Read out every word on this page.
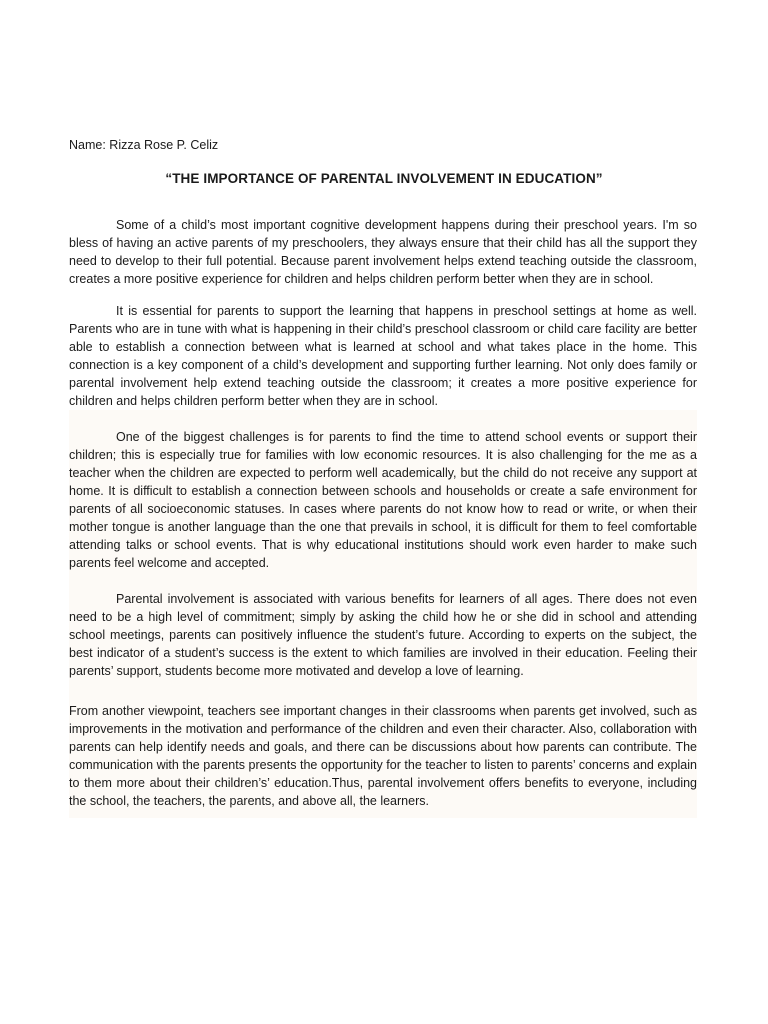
Name: Rizza Rose P. Celiz

“THE IMPORTANCE OF PARENTAL INVOLVEMENT IN EDUCATION”

Some of a child’s most important cognitive development happens during their preschool years. I'm so bless of having an active parents of my preschoolers, they always ensure that their child has all the support they need to develop to their full potential. Because parent involvement helps extend teaching outside the classroom, creates a more positive experience for children and helps children perform better when they are in school.

It is essential for parents to support the learning that happens in preschool settings at home as well. Parents who are in tune with what is happening in their child’s preschool classroom or child care facility are better able to establish a connection between what is learned at school and what takes place in the home. This connection is a key component of a child’s development and supporting further learning. Not only does family or parental involvement help extend teaching outside the classroom; it creates a more positive experience for children and helps children perform better when they are in school.

One of the biggest challenges is for parents to find the time to attend school events or support their children; this is especially true for families with low economic resources. It is also challenging for the me as a teacher when the children are expected to perform well academically, but the child do not receive any support at home. It is difficult to establish a connection between schools and households or create a safe environment for parents of all socioeconomic statuses. In cases where parents do not know how to read or write, or when their mother tongue is another language than the one that prevails in school, it is difficult for them to feel comfortable attending talks or school events. That is why educational institutions should work even harder to make such parents feel welcome and accepted.

Parental involvement is associated with various benefits for learners of all ages. There does not even need to be a high level of commitment; simply by asking the child how he or she did in school and attending school meetings, parents can positively influence the student’s future. According to experts on the subject, the best indicator of a student’s success is the extent to which families are involved in their education. Feeling their parents’ support, students become more motivated and develop a love of learning.

From another viewpoint, teachers see important changes in their classrooms when parents get involved, such as improvements in the motivation and performance of the children and even their character. Also, collaboration with parents can help identify needs and goals, and there can be discussions about how parents can contribute. The communication with the parents presents the opportunity for the teacher to listen to parents’ concerns and explain to them more about their children’s’ education.Thus, parental involvement offers benefits to everyone, including the school, the teachers, the parents, and above all, the learners.
